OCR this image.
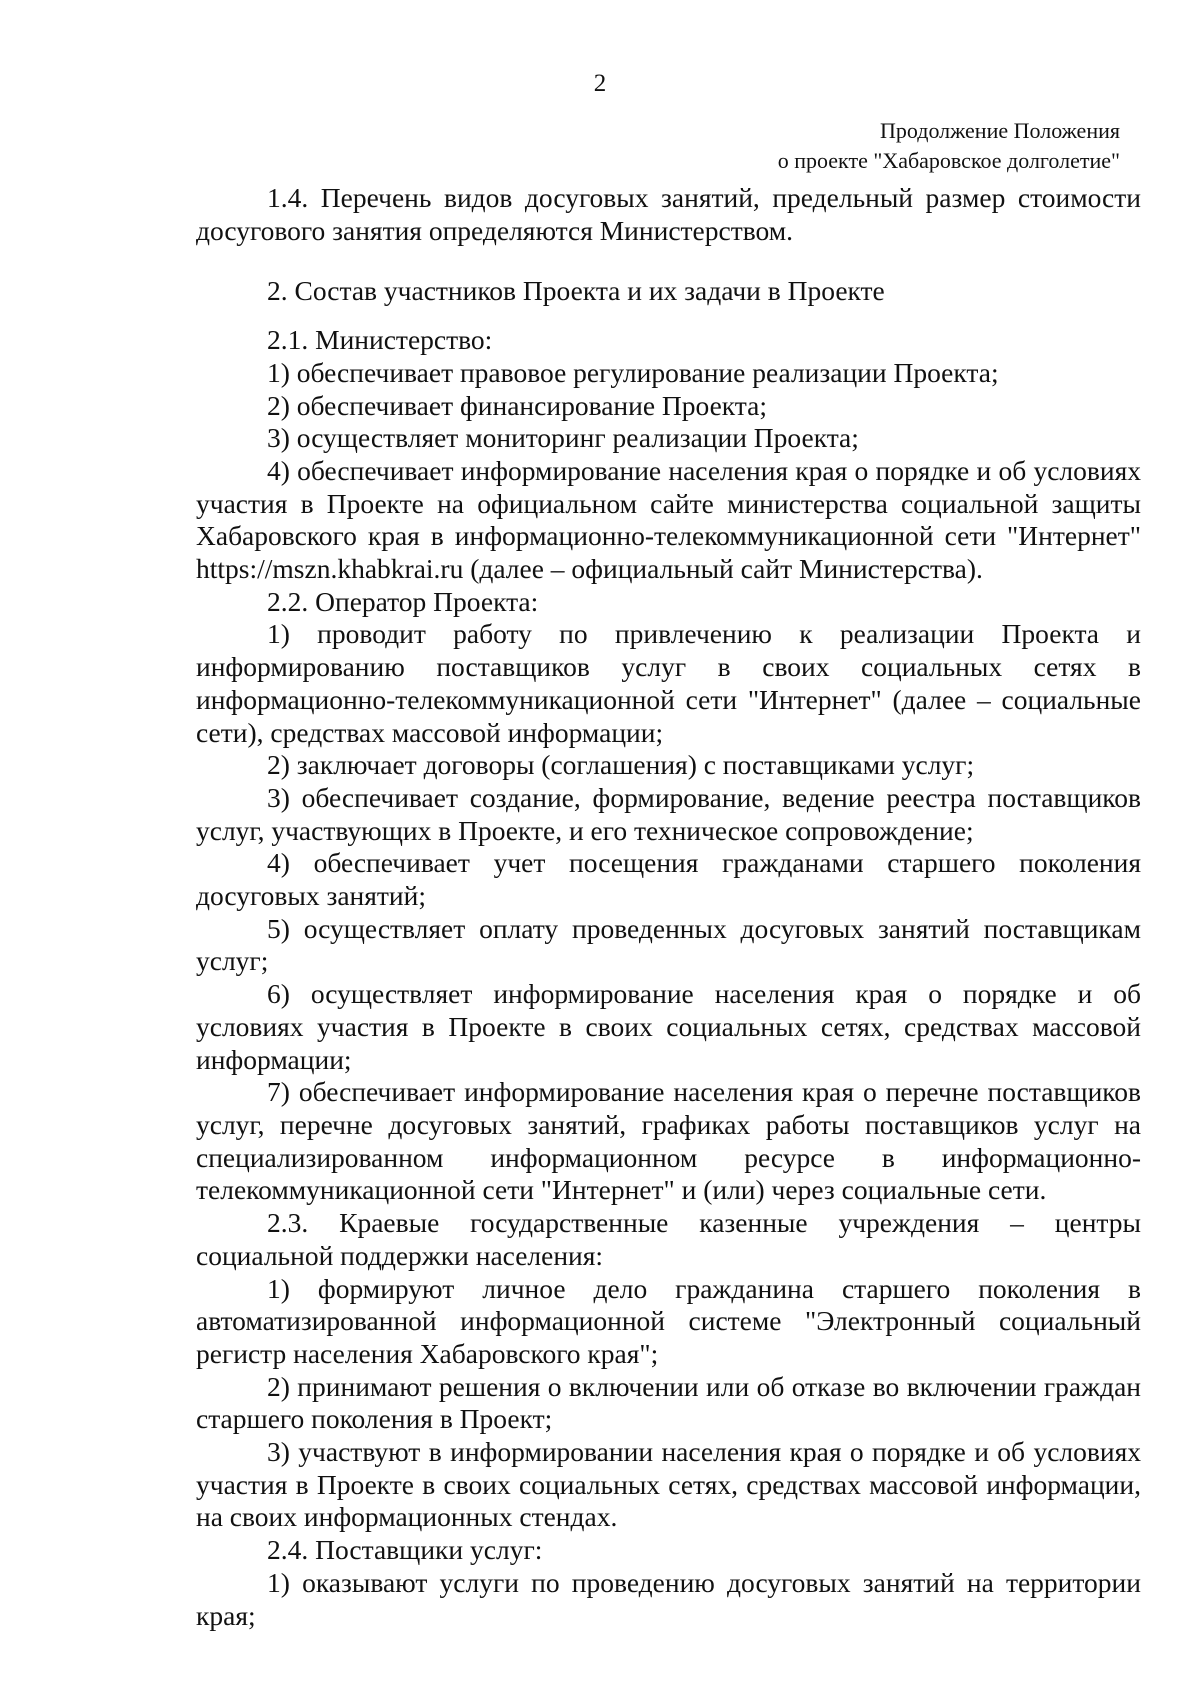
2
Продолжение Положения
о проекте "Хабаровское долголетие"

1.4. Перечень видов досуговых занятий, предельный размер стоимости досугового занятия определяются Министерством.

2. Состав участников Проекта и их задачи в Проекте

2.1. Министерство:

1) обеспечивает правовое регулирование реализации Проекта;

2) обеспечивает финансирование Проекта;

3) осуществляет мониторинг реализации Проекта;

4) обеспечивает информирование населения края о порядке и об условиях участия в Проекте на официальном сайте министерства социальной защиты Хабаровского края в информационно-телекоммуникационной сети "Интернет" https://mszn.khabkrai.ru (далее – официальный сайт Министерства).

2.2. Оператор Проекта:

1) проводит работу по привлечению к реализации Проекта и информированию поставщиков услуг в своих социальных сетях в информационно-телекоммуникационной сети "Интернет" (далее – социальные сети), средствах массовой информации;

2) заключает договоры (соглашения) с поставщиками услуг;

3) обеспечивает создание, формирование, ведение реестра поставщиков услуг, участвующих в Проекте, и его техническое сопровождение;

4) обеспечивает учет посещения гражданами старшего поколения досуговых занятий;

5) осуществляет оплату проведенных досуговых занятий поставщикам услуг;

6) осуществляет информирование населения края о порядке и об условиях участия в Проекте в своих социальных сетях, средствах массовой информации;

7) обеспечивает информирование населения края о перечне поставщиков услуг, перечне досуговых занятий, графиках работы поставщиков услуг на специализированном информационном ресурсе в информационно-телекоммуникационной сети "Интернет" и (или) через социальные сети.

2.3. Краевые государственные казенные учреждения – центры социальной поддержки населения:

1) формируют личное дело гражданина старшего поколения в автоматизированной информационной системе "Электронный социальный регистр населения Хабаровского края";

2) принимают решения о включении или об отказе во включении граждан старшего поколения в Проект;

3) участвуют в информировании населения края о порядке и об условиях участия в Проекте в своих социальных сетях, средствах массовой информации, на своих информационных стендах.

2.4. Поставщики услуг:

1) оказывают услуги по проведению досуговых занятий на территории края;
